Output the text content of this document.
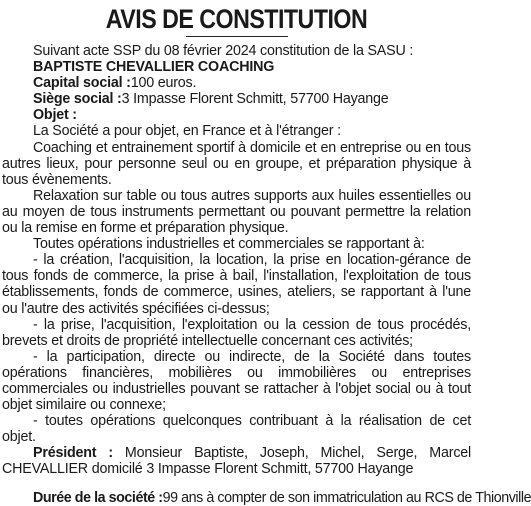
AVIS DE CONSTITUTION

Suivant acte SSP du 08 février 2024 constitution de la SASU :

BAPTISTE CHEVALLIER COACHING

Capital social :100 euros.

Siège social :3 Impasse Florent Schmitt, 57700 Hayange

Objet :

La Société a pour objet, en France et à l'étranger :

Coaching et entrainement sportif à domicile et en entreprise ou en tous autres lieux, pour personne seul ou en groupe, et préparation physique à tous évènements.

Relaxation sur table ou tous autres supports aux huiles essentielles ou au moyen de tous instruments permettant ou pouvant permettre la relation ou la remise en forme et préparation physique.

Toutes opérations industrielles et commerciales se rapportant à:

- la création, l'acquisition, la location, la prise en location-gérance de tous fonds de commerce, la prise à bail, l'installation, l'exploitation de tous établissements, fonds de commerce, usines, ateliers, se rapportant à l'une ou l'autre des activités spécifiées ci-dessus;

- la prise, l'acquisition, l'exploitation ou la cession de tous procédés, brevets et droits de propriété intellectuelle concernant ces activités;

- la participation, directe ou indirecte, de la Société dans toutes opérations financières, mobilières ou immobilières ou entreprises commerciales ou industrielles pouvant se rattacher à l'objet social ou à tout objet similaire ou connexe;

- toutes opérations quelconques contribuant à la réalisation de cet objet.

Président : Monsieur Baptiste, Joseph, Michel, Serge, Marcel CHEVALLIER domicilé 3 Impasse Florent Schmitt, 57700 Hayange

Durée de la société :99 ans à compter de son immatriculation au RCS de Thionville
